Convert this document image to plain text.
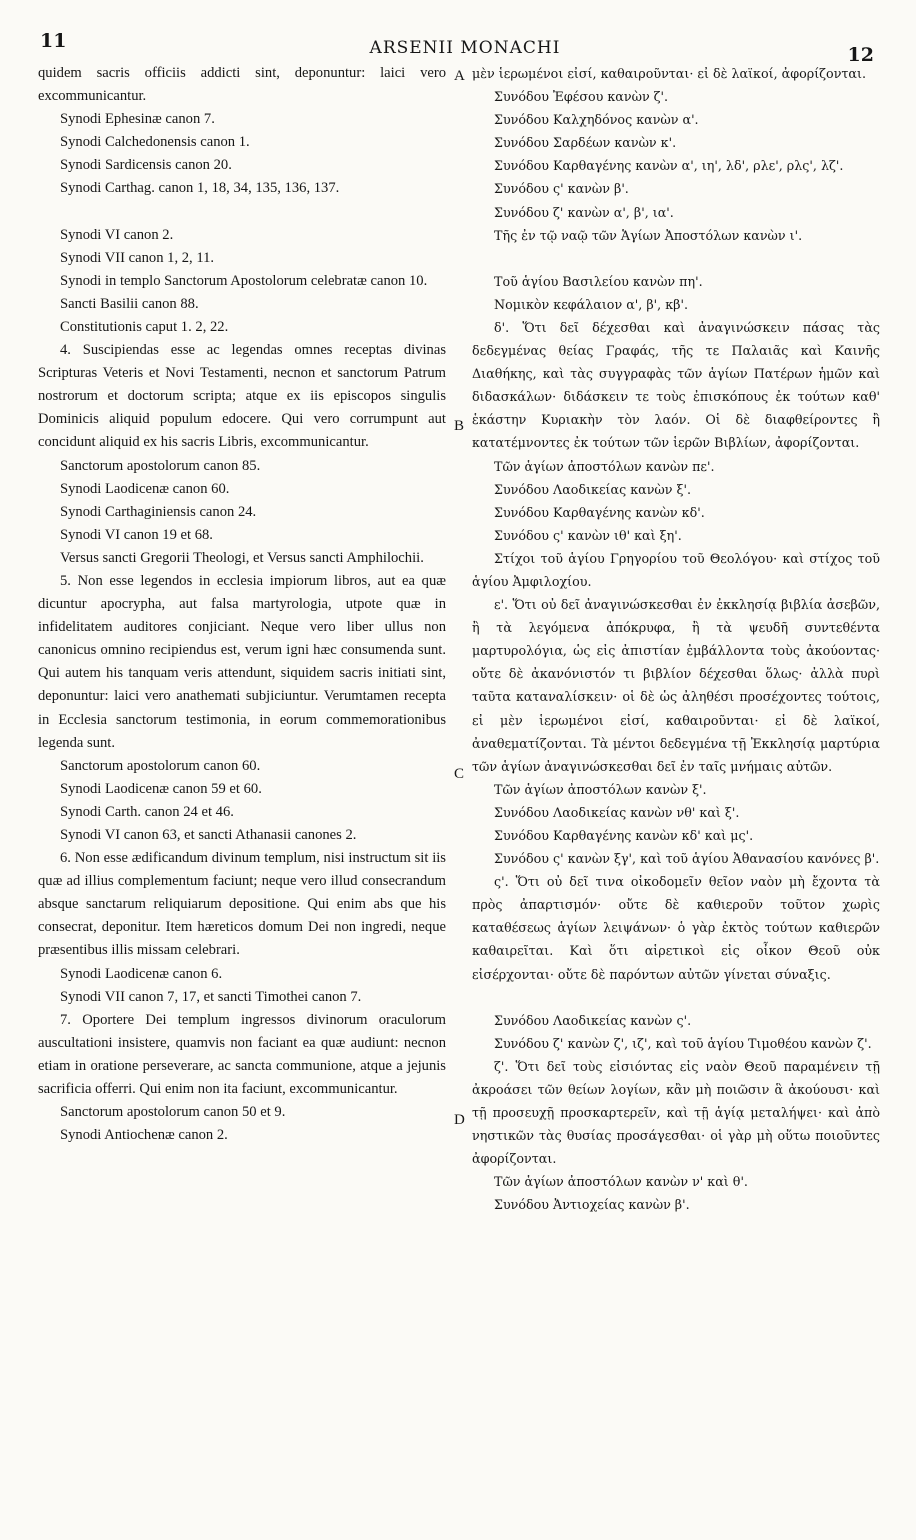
11	ARSENII MONACHI	12
A
B
C
D

quidem sacris officiis addicti sint, deponuntur: laici vero excommunicantur.

Synodi Ephesinæ canon 7.

Synodi Calchedonensis canon 1.

Synodi Sardicensis canon 20.

Synodi Carthag. canon 1, 18, 34, 135, 136, 137.

Synodi VI canon 2.

Synodi VII canon 1, 2, 11.

Synodi in templo Sanctorum Apostolorum celebratæ canon 10.

Sancti Basilii canon 88.

Constitutionis caput 1. 2, 22.

4. Suscipiendas esse ac legendas omnes receptas divinas Scripturas Veteris et Novi Testamenti, necnon et sanctorum Patrum nostrorum et doctorum scripta; atque ex iis episcopos singulis Dominicis aliquid populum edocere. Qui vero corrumpunt aut concidunt aliquid ex his sacris Libris, excommunicantur.

Sanctorum apostolorum canon 85.

Synodi Laodicenæ canon 60.

Synodi Carthaginiensis canon 24.

Synodi VI canon 19 et 68.

Versus sancti Gregorii Theologi, et Versus sancti Amphilochii.

5. Non esse legendos in ecclesia impiorum libros, aut ea quæ dicuntur apocrypha, aut falsa martyrologia, utpote quæ in infidelitatem auditores conjiciant. Neque vero liber ullus non canonicus omnino recipiendus est, verum igni hæc consumenda sunt. Qui autem his tanquam veris attendunt, siquidem sacris initiati sint, deponuntur: laici vero anathemati subjiciuntur. Verumtamen recepta in Ecclesia sanctorum testimonia, in eorum commemorationibus legenda sunt.

Sanctorum apostolorum canon 60.

Synodi Laodicenæ canon 59 et 60.

Synodi Carth. canon 24 et 46.

Synodi VI canon 63, et sancti Athanasii canones 2.

6. Non esse ædificandum divinum templum, nisi instructum sit iis quæ ad illius complementum faciunt; neque vero illud consecrandum absque sanctarum reliquiarum depositione. Qui enim abs que his consecrat, deponitur. Item hæreticos domum Dei non ingredi, neque præsentibus illis missam celebrari.

Synodi Laodicenæ canon 6.

Synodi VII canon 7, 17, et sancti Timothei canon 7.

7. Oportere Dei templum ingressos divinorum oraculorum auscultationi insistere, quamvis non faciant ea quæ audiunt: necnon etiam in oratione perseverare, ac sancta communione, atque a jejunis sacrificia offerri. Qui enim non ita faciunt, excommunicantur.

Sanctorum apostolorum canon 50 et 9.

Synodi Antiochenæ canon 2.

μὲν ἱερωμένοι εἰσί, καθαιροῦνται· εἰ δὲ λαϊκοί, ἀφορίζονται.

Συνόδου Ἐφέσου κανὼν ζ'.

Συνόδου Καλχηδόνος κανὼν α'.

Συνόδου Σαρδέων κανὼν κ'.

Συνόδου Καρθαγένης κανὼν α', ιη', λδ', ρλε', ρλς', λζ'.

Συνόδου ς' κανὼν β'.

Συνόδου ζ' κανὼν α', β', ια'.

Τῆς ἐν τῷ ναῷ τῶν Ἁγίων Ἀποστόλων κανὼν ι'.

Τοῦ ἁγίου Βασιλείου κανὼν πη'.

Νομικὸν κεφάλαιον α', β', κβ'.

δ'. Ὅτι δεῖ δέχεσθαι καὶ ἀναγινώσκειν πάσας τὰς δεδεγμένας θείας Γραφάς, τῆς τε Παλαιᾶς καὶ Καινῆς Διαθήκης, καὶ τὰς συγγραφὰς τῶν ἁγίων Πατέρων ἡμῶν καὶ διδασκάλων· διδάσκειν τε τοὺς ἐπισκόπους ἐκ τούτων καθ' ἑκάστην Κυριακὴν τὸν λαόν. Οἱ δὲ διαφθείροντες ἢ κατατέμνοντες ἐκ τούτων τῶν ἱερῶν Βιβλίων, ἀφορίζονται.

Τῶν ἁγίων ἀποστόλων κανὼν πε'.

Συνόδου Λαοδικείας κανὼν ξ'.

Συνόδου Καρθαγένης κανὼν κδ'.

Συνόδου ς' κανὼν ιθ' καὶ ξη'.

Στίχοι τοῦ ἁγίου Γρηγορίου τοῦ Θεολόγου· καὶ στίχος τοῦ ἁγίου Ἀμφιλοχίου.

ε'. Ὅτι οὐ δεῖ ἀναγινώσκεσθαι ἐν ἐκκλησίᾳ βιβλία ἀσεβῶν, ἢ τὰ λεγόμενα ἀπόκρυφα, ἢ τὰ ψευδῆ συντεθέντα μαρτυρολόγια, ὡς εἰς ἀπιστίαν ἐμβάλλοντα τοὺς ἀκούοντας· οὔτε δὲ ἀκανόνιστόν τι βιβλίον δέχεσθαι ὅλως· ἀλλὰ πυρὶ ταῦτα καταναλίσκειν· οἱ δὲ ὡς ἀληθέσι προσέχοντες τούτοις, εἰ μὲν ἱερωμένοι εἰσί, καθαιροῦνται· εἰ δὲ λαϊκοί, ἀναθεματίζονται. Τὰ μέντοι δεδεγμένα τῇ Ἐκκλησίᾳ μαρτύρια τῶν ἁγίων ἀναγινώσκεσθαι δεῖ ἐν ταῖς μνήμαις αὐτῶν.

Τῶν ἁγίων ἀποστόλων κανὼν ξ'.

Συνόδου Λαοδικείας κανὼν νθ' καὶ ξ'.

Συνόδου Καρθαγένης κανὼν κδ' καὶ μς'.

Συνόδου ς' κανὼν ξγ', καὶ τοῦ ἁγίου Ἀθανασίου κανόνες β'.

ς'. Ὅτι οὐ δεῖ τινα οἰκοδομεῖν θεῖον ναὸν μὴ ἔχοντα τὰ πρὸς ἀπαρτισμόν· οὔτε δὲ καθιεροῦν τοῦτον χωρὶς καταθέσεως ἁγίων λειψάνων· ὁ γὰρ ἐκτὸς τούτων καθιερῶν καθαιρεῖται. Καὶ ὅτι αἱρετικοὶ εἰς οἶκον Θεοῦ οὐκ εἰσέρχονται· οὔτε δὲ παρόντων αὐτῶν γίνεται σύναξις.

Συνόδου Λαοδικείας κανὼν ς'.

Συνόδου ζ' κανὼν ζ', ιζ', καὶ τοῦ ἁγίου Τιμοθέου κανὼν ζ'.

ζ'. Ὅτι δεῖ τοὺς εἰσιόντας εἰς ναὸν Θεοῦ παραμένειν τῇ ἀκροάσει τῶν θείων λογίων, κἂν μὴ ποιῶσιν ἃ ἀκούουσι· καὶ τῇ προσευχῇ προσκαρτερεῖν, καὶ τῇ ἁγίᾳ μεταλήψει· καὶ ἀπὸ νηστικῶν τὰς θυσίας προσάγεσθαι· οἱ γὰρ μὴ οὕτω ποιοῦντες ἀφορίζονται.

Τῶν ἁγίων ἀποστόλων κανὼν ν' καὶ θ'.

Συνόδου Ἀντιοχείας κανὼν β'.
